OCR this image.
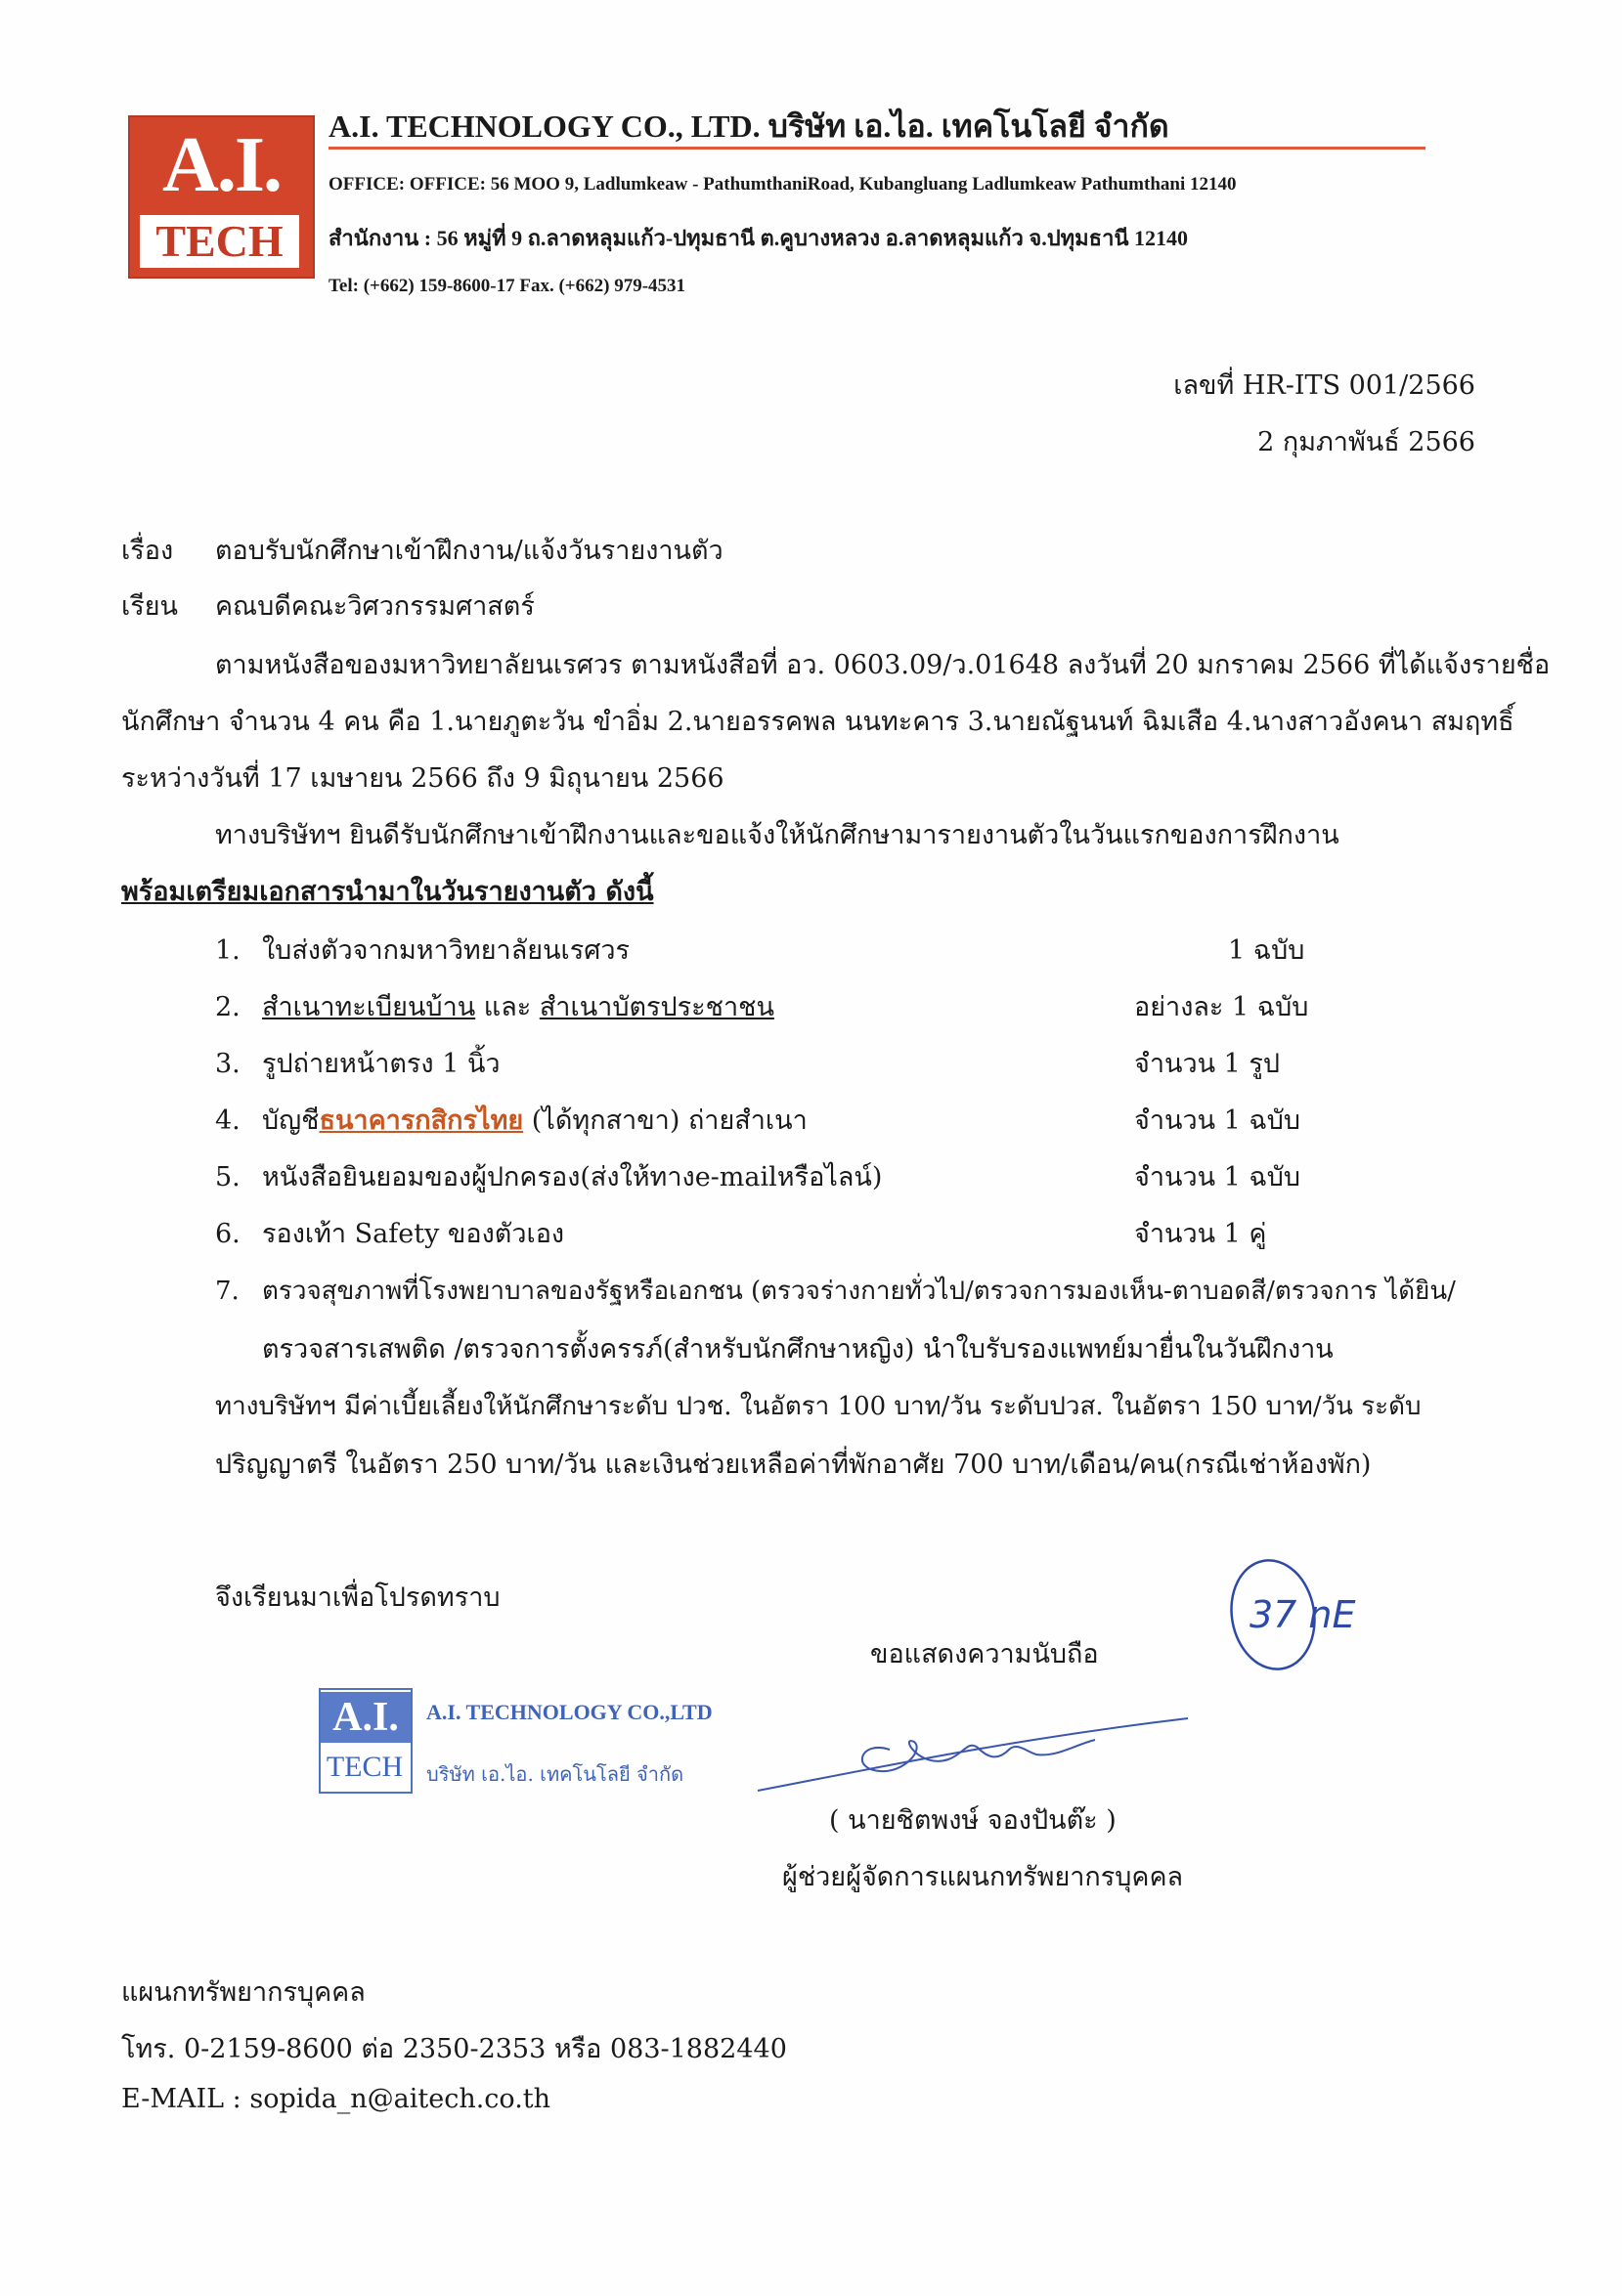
A.I.
TECH
A.I. TECHNOLOGY CO., LTD. บริษัท เอ.ไอ. เทคโนโลยี จำกัด
OFFICE: OFFICE: 56 MOO 9, Ladlumkeaw - PathumthaniRoad, Kubangluang Ladlumkeaw Pathumthani 12140
สำนักงาน : 56 หมู่ที่ 9 ถ.ลาดหลุมแก้ว-ปทุมธานี ต.คูบางหลวง อ.ลาดหลุมแก้ว จ.ปทุมธานี 12140
Tel: (+662) 159-8600-17 Fax. (+662) 979-4531
เลขที่ HR-ITS 001/2566
2 กุมภาพันธ์ 2566
เรื่อง ตอบรับนักศึกษาเข้าฝึกงาน/แจ้งวันรายงานตัว
เรียน คณบดีคณะวิศวกรรมศาสตร์
ตามหนังสือของมหาวิทยาลัยนเรศวร ตามหนังสือที่ อว. 0603.09/ว.01648 ลงวันที่ 20 มกราคม 2566 ที่ได้แจ้งรายชื่อ
นักศึกษา จำนวน 4 คน คือ 1.นายภูตะวัน ขำอิ่ม 2.นายอรรคพล นนทะคาร 3.นายณัฐนนท์ ฉิมเสือ 4.นางสาวอังคนา สมฤทธิ์
ระหว่างวันที่ 17 เมษายน 2566 ถึง 9 มิถุนายน 2566
ทางบริษัทฯ ยินดีรับนักศึกษาเข้าฝึกงานและขอแจ้งให้นักศึกษามารายงานตัวในวันแรกของการฝึกงาน
พร้อมเตรียมเอกสารนำมาในวันรายงานตัว ดังนี้
1. ใบส่งตัวจากมหาวิทยาลัยนเรศวร	1 ฉบับ
2. สำเนาทะเบียนบ้าน และ สำเนาบัตรประชาชน	อย่างละ 1 ฉบับ
3. รูปถ่ายหน้าตรง 1 นิ้ว	จำนวน 1 รูป
4. บัญชีธนาคารกสิกรไทย (ได้ทุกสาขา) ถ่ายสำเนา	จำนวน 1 ฉบับ
5. หนังสือยินยอมของผู้ปกครอง(ส่งให้ทางe-mailหรือไลน์)	จำนวน 1 ฉบับ
6. รองเท้า Safety ของตัวเอง	จำนวน 1 คู่
7. ตรวจสุขภาพที่โรงพยาบาลของรัฐหรือเอกชน (ตรวจร่างกายทั่วไป/ตรวจการมองเห็น-ตาบอดสี/ตรวจการ ได้ยิน/
ตรวจสารเสพติด /ตรวจการตั้งครรภ์(สำหรับนักศึกษาหญิง) นำใบรับรองแพทย์มายื่นในวันฝึกงาน
ทางบริษัทฯ มีค่าเบี้ยเลี้ยงให้นักศึกษาระดับ ปวช. ในอัตรา 100 บาท/วัน ระดับปวส. ในอัตรา 150 บาท/วัน ระดับ
ปริญญาตรี ในอัตรา 250 บาท/วัน และเงินช่วยเหลือค่าที่พักอาศัย 700 บาท/เดือน/คน(กรณีเช่าห้องพัก)
37 nE
จึงเรียนมาเพื่อโปรดทราบ
ขอแสดงความนับถือ
A.I.
TECH
A.I. TECHNOLOGY CO.,LTD
บริษัท เอ.ไอ. เทคโนโลยี จำกัด
( นายชิตพงษ์ จองปันต๊ะ )
ผู้ช่วยผู้จัดการแผนกทรัพยากรบุคคล
แผนกทรัพยากรบุคคล
โทร. 0-2159-8600 ต่อ 2350-2353 หรือ 083-1882440
E-MAIL : sopida_n@aitech.co.th
